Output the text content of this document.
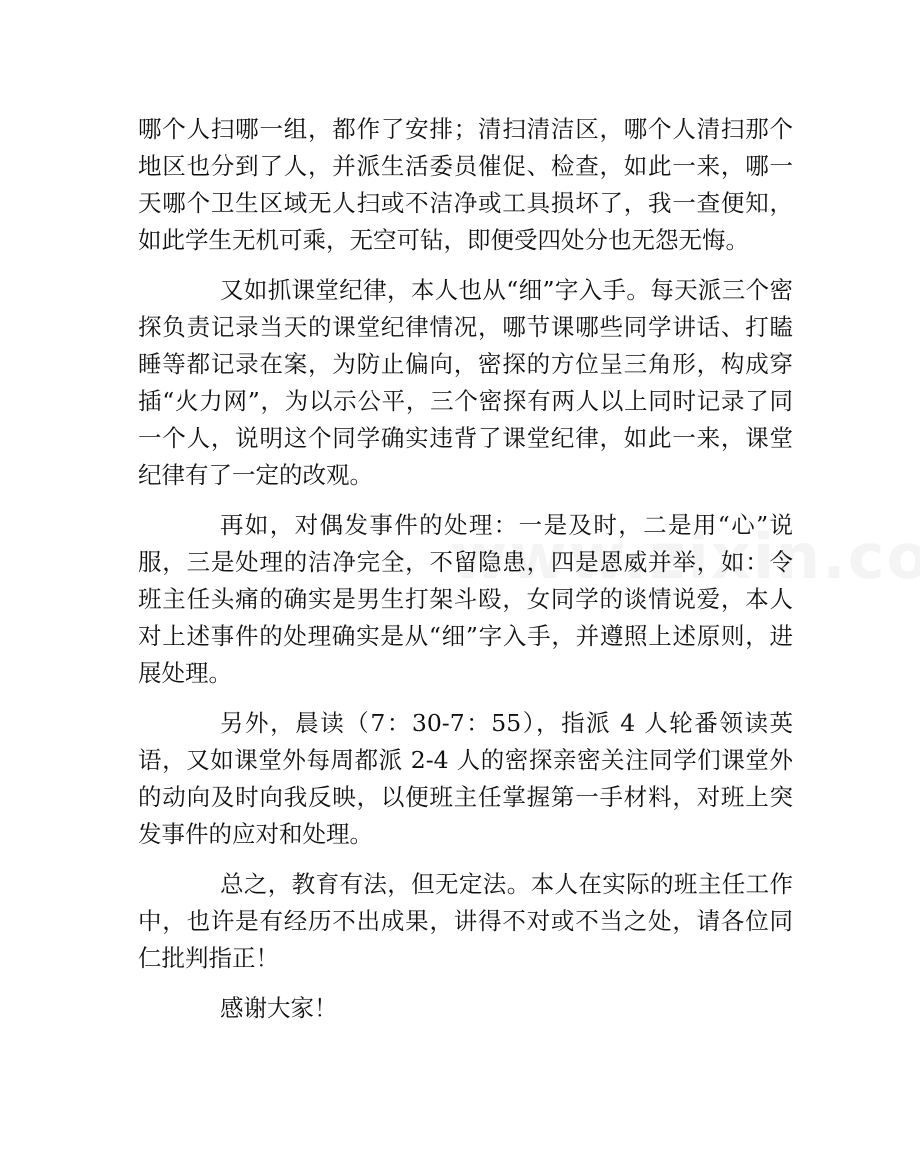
哪个人扫哪一组，都作了安排；清扫清洁区，哪个人清扫那个地区也分到了人，并派生活委员催促、检查，如此一来，哪一天哪个卫生区域无人扫或不洁净或工具损坏了，我一查便知，如此学生无机可乘，无空可钻，即便受四处分也无怨无悔。

又如抓课堂纪律，本人也从“细”字入手。每天派三个密探负责记录当天的课堂纪律情况，哪节课哪些同学讲话、打瞌睡等都记录在案，为防止偏向，密探的方位呈三角形，构成穿插“火力网”，为以示公平，三个密探有两人以上同时记录了同一个人，说明这个同学确实违背了课堂纪律，如此一来，课堂纪律有了一定的改观。

再如，对偶发事件的处理：一是及时，二是用“心”说服，三是处理的洁净完全，不留隐患，四是恩威并举，如：令班主任头痛的确实是男生打架斗殴，女同学的谈情说爱，本人对上述事件的处理确实是从“细”字入手，并遵照上述原则，进展处理。

另外，晨读（7：30-7：55），指派 4 人轮番领读英语，又如课堂外每周都派 2-4 人的密探亲密关注同学们课堂外的动向及时向我反映，以便班主任掌握第一手材料，对班上突发事件的应对和处理。

总之，教育有法，但无定法。本人在实际的班主任工作中，也许是有经历不出成果，讲得不对或不当之处，请各位同仁批判指正！

感谢大家！
